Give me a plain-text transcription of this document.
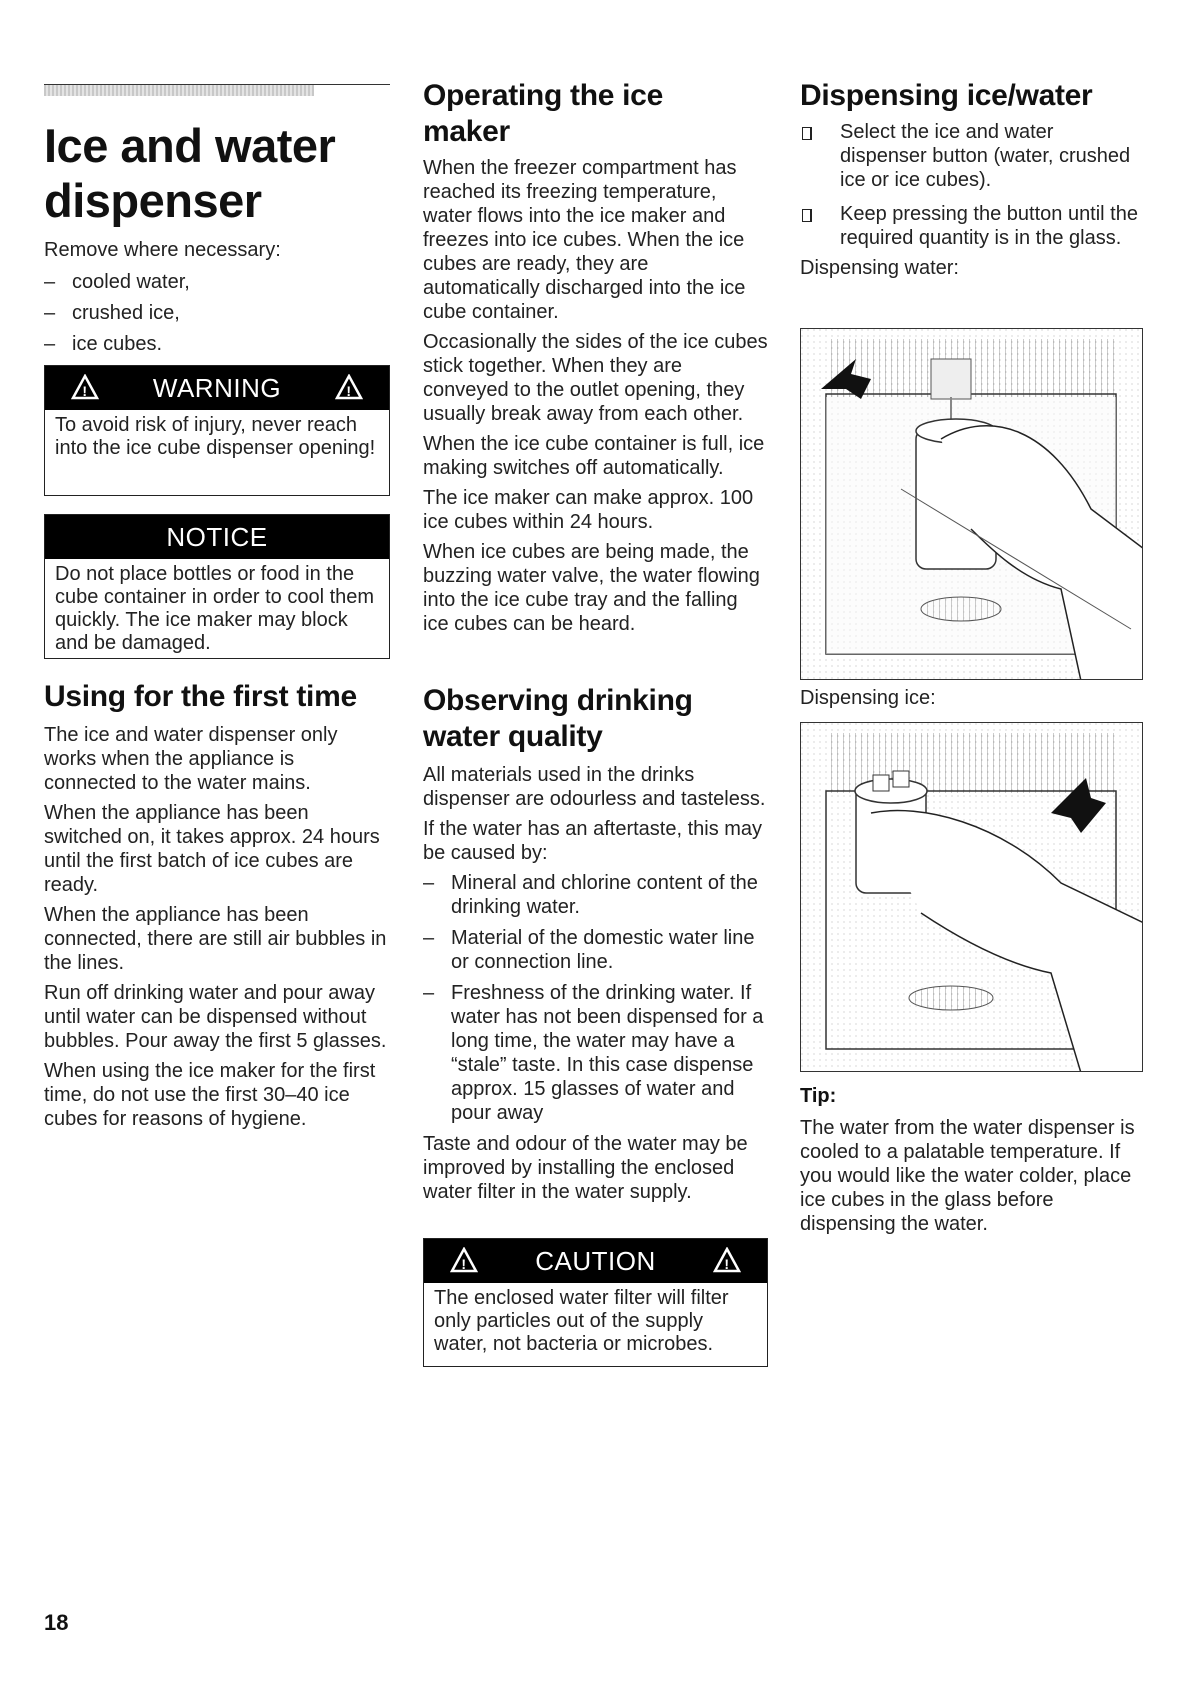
Ice and water dispenser

Remove where necessary:

– cooled water,
– crushed ice,
– ice cubes.
!	WARNING	!
To avoid risk of injury, never reach into the ice cube dispenser opening!
NOTICE
Do not place bottles or food in the cube container in order to cool them quickly. The ice maker may block and be damaged.
Using for the first time

The ice and water dispenser only works when the appliance is connected to the water mains.

When the appliance has been switched on, it takes approx. 24 hours until the first batch of ice cubes are ready.

When the appliance has been connected, there are still air bubbles in the lines.

Run off drinking water and pour away until water can be dispensed without bubbles. Pour away the first 5 glasses.

When using the ice maker for the first time, do not use the first 30–40 ice cubes for reasons of hygiene.

Operating the ice maker

When the freezer compartment has reached its freezing temperature, water flows into the ice maker and freezes into ice cubes. When the ice cubes are ready, they are automatically discharged into the ice cube container.

Occasionally the sides of the ice cubes stick together. When they are conveyed to the outlet opening, they usually break away from each other.

When the ice cube container is full, ice making switches off automatically.

The ice maker can make approx. 100 ice cubes within 24 hours.

When ice cubes are being made, the buzzing water valve, the water flowing into the ice cube tray and the falling ice cubes can be heard.

Observing drinking water quality

All materials used in the drinks dispenser are odourless and tasteless.

If the water has an aftertaste, this may be caused by:

– Mineral and chlorine content of the drinking water.
– Material of the domestic water line or connection line.
– Freshness of the drinking water. If water has not been dispensed for a long time, the water may have a “stale” taste. In this case dispense approx. 15 glasses of water and pour away

Taste and odour of the water may be improved by installing the enclosed water filter in the water supply.

!	CAUTION	!
The enclosed water filter will filter only particles out of the supply water, not bacteria or microbes.
Dispensing ice/water
Select the ice and water dispenser button (water, crushed ice or ice cubes).
Keep pressing the button until the required quantity is in the glass.

Dispensing water:

Dispensing ice:

Tip:

The water from the water dispenser is cooled to a palatable temperature. If you would like the water colder, place ice cubes in the glass before dispensing the water.

18
